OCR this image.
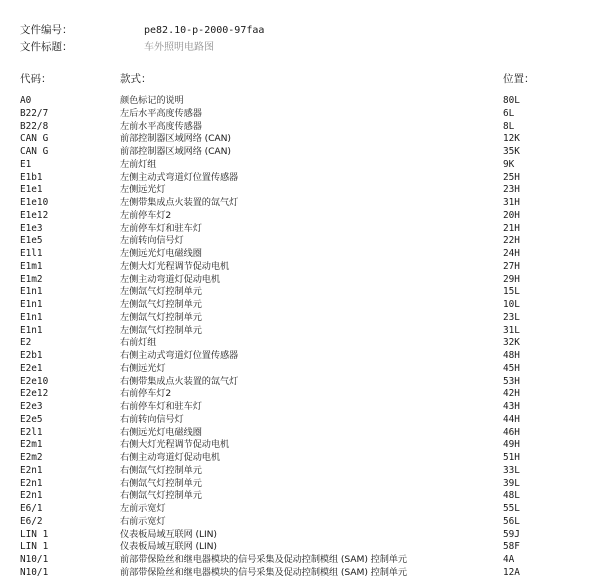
文件编号：	pe82.10-p-2000-97faa
文件标题：	车外照明电路图
代码：	款式：	位置：
A0	颜色标记的说明	80L
B22/7	左后水平高度传感器	6L
B22/8	左前水平高度传感器	8L
CAN G	前部控制器区域网络 (CAN)	12K
CAN G	前部控制器区域网络 (CAN)	35K
E1	左前灯组	9K
E1b1	左侧主动式弯道灯位置传感器	25H
E1e1	左侧远光灯	23H
E1e10	左侧带集成点火装置的氙气灯	31H
E1e12	左前停车灯2	20H
E1e3	左前停车灯和驻车灯	21H
E1e5	左前转向信号灯	22H
E1l1	左侧远光灯电磁线圈	24H
E1m1	左侧大灯光程调节促动电机	27H
E1m2	左侧主动弯道灯促动电机	29H
E1n1	左侧氙气灯控制单元	15L
E1n1	左侧氙气灯控制单元	10L
E1n1	左侧氙气灯控制单元	23L
E1n1	左侧氙气灯控制单元	31L
E2	右前灯组	32K
E2b1	右侧主动式弯道灯位置传感器	48H
E2e1	右侧远光灯	45H
E2e10	右侧带集成点火装置的氙气灯	53H
E2e12	右前停车灯2	42H
E2e3	右前停车灯和驻车灯	43H
E2e5	右前转向信号灯	44H
E2l1	右侧远光灯电磁线圈	46H
E2m1	右侧大灯光程调节促动电机	49H
E2m2	右侧主动弯道灯促动电机	51H
E2n1	右侧氙气灯控制单元	33L
E2n1	右侧氙气灯控制单元	39L
E2n1	右侧氙气灯控制单元	48L
E6/1	左前示宽灯	55L
E6/2	右前示宽灯	56L
LIN 1	仪表板局域互联网 (LIN)	59J
LIN 1	仪表板局域互联网 (LIN)	58F
N10/1	前部带保险丝和继电器模块的信号采集及促动控制模组 (SAM) 控制单元	4A
N10/1	前部带保险丝和继电器模块的信号采集及促动控制模组 (SAM) 控制单元	12A
